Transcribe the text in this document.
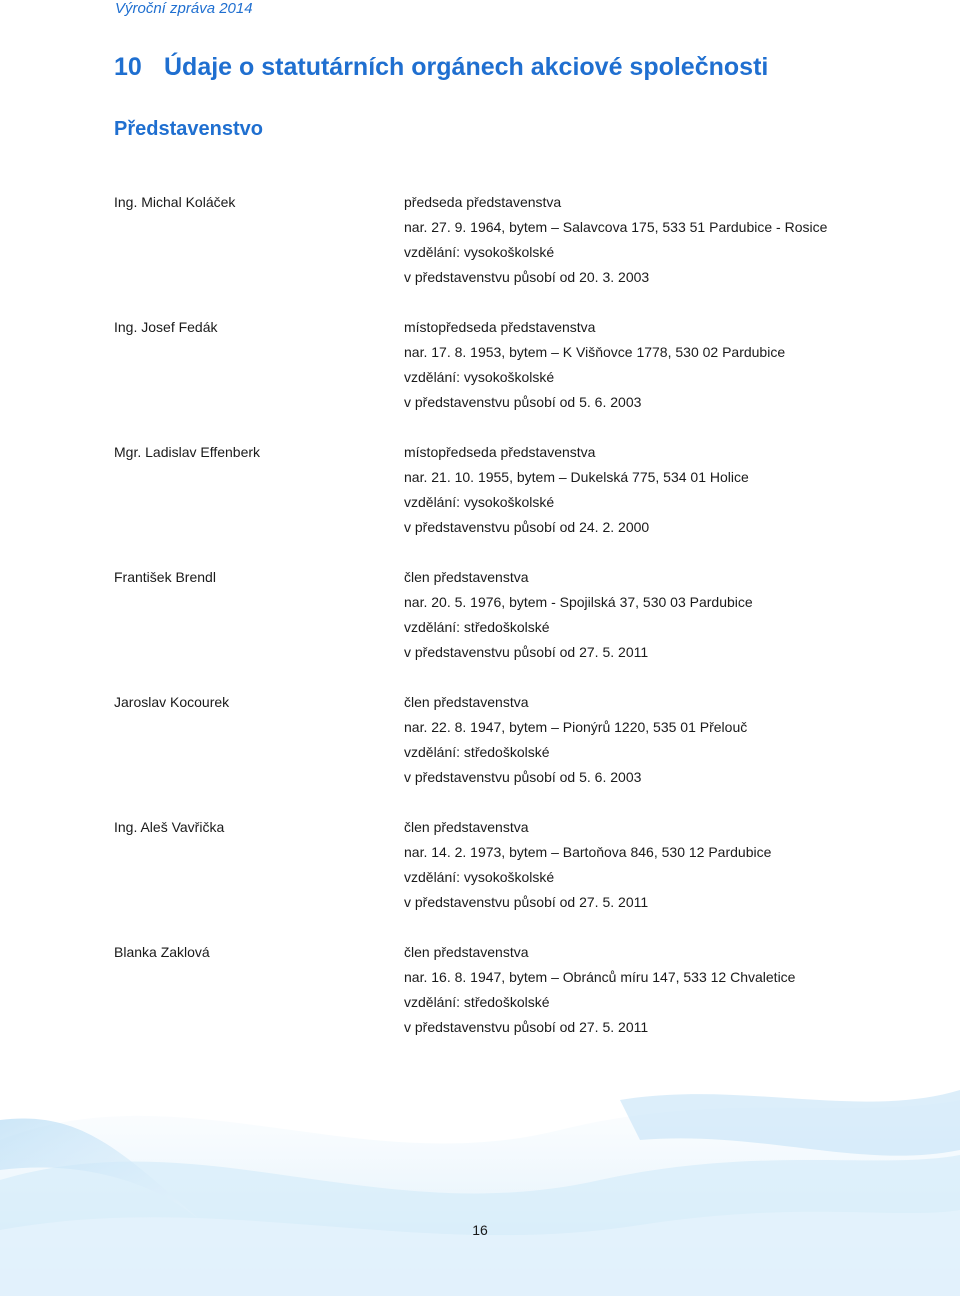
Výroční zpráva 2014
10 Údaje o statutárních orgánech akciové společnosti
Představenstvo
Ing. Michal Koláček	předseda představenstva
nar. 27. 9. 1964, bytem – Salavcova 175, 533 51 Pardubice - Rosice
vzdělání: vysokoškolské
v představenstvu působí od 20. 3. 2003
Ing. Josef Fedák	místopředseda představenstva
nar. 17. 8. 1953, bytem – K Višňovce 1778, 530 02 Pardubice
vzdělání: vysokoškolské
v představenstvu působí od 5. 6. 2003
Mgr. Ladislav Effenberk	místopředseda představenstva
nar. 21. 10. 1955, bytem – Dukelská 775, 534 01 Holice
vzdělání: vysokoškolské
v představenstvu působí od 24. 2. 2000
František Brendl	člen představenstva
nar. 20. 5. 1976, bytem - Spojilská 37, 530 03 Pardubice
vzdělání: středoškolské
v představenstvu působí od 27. 5. 2011
Jaroslav Kocourek	člen představenstva
nar. 22. 8. 1947, bytem – Pionýrů 1220, 535 01 Přelouč
vzdělání: středoškolské
v představenstvu působí od 5. 6. 2003
Ing. Aleš Vavřička	člen představenstva
nar. 14. 2. 1973, bytem – Bartoňova 846, 530 12 Pardubice
vzdělání: vysokoškolské
v představenstvu působí od 27. 5. 2011
Blanka Zaklová	člen představenstva
nar. 16. 8. 1947, bytem – Obránců míru 147, 533 12 Chvaletice
vzdělání: středoškolské
v představenstvu působí od 27. 5. 2011
16
